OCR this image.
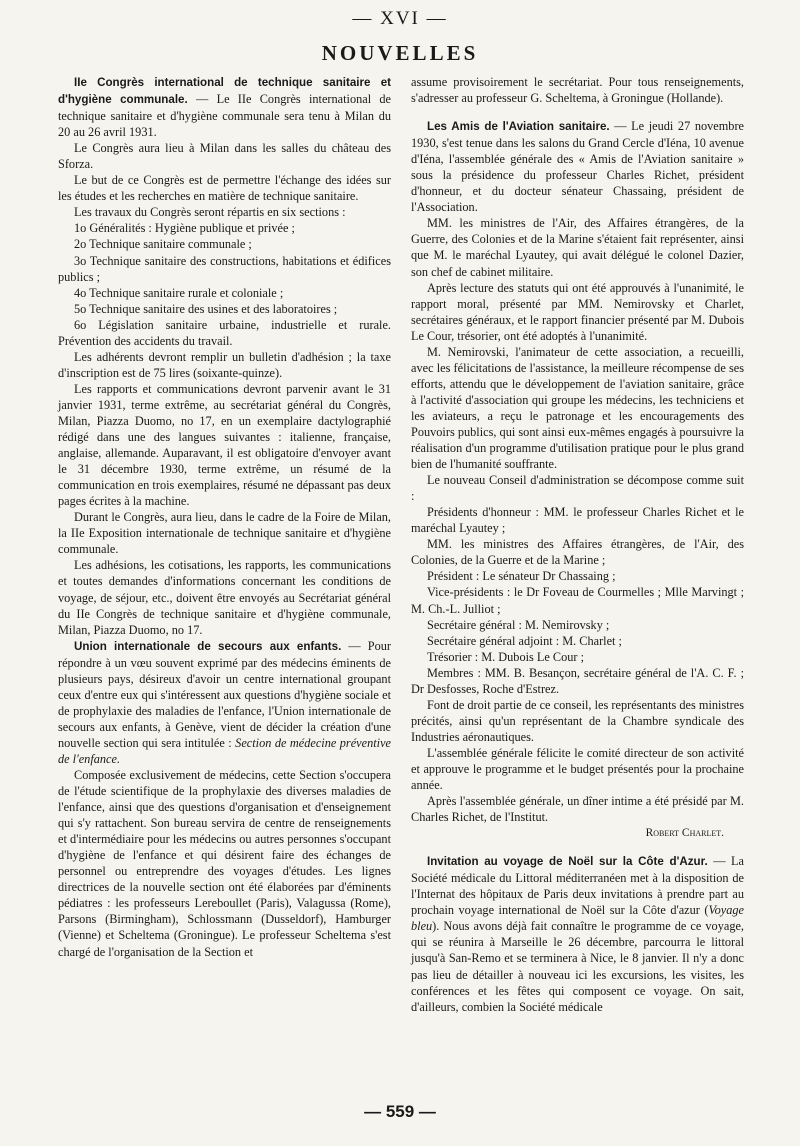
— XVI —
NOUVELLES

IIe Congrès international de technique sanitaire et d'hygiène communale. — Le IIe Congrès international de technique sanitaire et d'hygiène communale sera tenu à Milan du 20 au 26 avril 1931.

Le Congrès aura lieu à Milan dans les salles du château des Sforza.

Le but de ce Congrès est de permettre l'échange des idées sur les études et les recherches en matière de technique sanitaire.

Les travaux du Congrès seront répartis en six sections :

1o Généralités : Hygiène publique et privée ;

2o Technique sanitaire communale ;

3o Technique sanitaire des constructions, habitations et édifices publics ;

4o Technique sanitaire rurale et coloniale ;

5o Technique sanitaire des usines et des laboratoires ;

6o Législation sanitaire urbaine, industrielle et rurale. Prévention des accidents du travail.

Les adhérents devront remplir un bulletin d'adhésion ; la taxe d'inscription est de 75 lires (soixante-quinze).

Les rapports et communications devront parvenir avant le 31 janvier 1931, terme extrême, au secrétariat général du Congrès, Milan, Piazza Duomo, no 17, en un exemplaire dactylographié rédigé dans une des langues suivantes : italienne, française, anglaise, allemande. Auparavant, il est obligatoire d'envoyer avant le 31 décembre 1930, terme extrême, un résumé de la communication en trois exemplaires, résumé ne dépassant pas deux pages écrites à la machine.

Durant le Congrès, aura lieu, dans le cadre de la Foire de Milan, la IIe Exposition internationale de technique sanitaire et d'hygiène communale.

Les adhésions, les cotisations, les rapports, les communications et toutes demandes d'informations concernant les conditions de voyage, de séjour, etc., doivent être envoyés au Secrétariat général du IIe Congrès de technique sanitaire et d'hygiène communale, Milan, Piazza Duomo, no 17.

Union internationale de secours aux enfants. — Pour répondre à un vœu souvent exprimé par des médecins éminents de plusieurs pays, désireux d'avoir un centre international groupant ceux d'entre eux qui s'intéressent aux questions d'hygiène sociale et de prophylaxie des maladies de l'enfance, l'Union internationale de secours aux enfants, à Genève, vient de décider la création d'une nouvelle section qui sera intitulée : Section de médecine préventive de l'enfance.

Composée exclusivement de médecins, cette Section s'occupera de l'étude scientifique de la prophylaxie des diverses maladies de l'enfance, ainsi que des questions d'organisation et d'enseignement qui s'y rattachent. Son bureau servira de centre de renseignements et d'intermédiaire pour les médecins ou autres personnes s'occupant d'hygiène de l'enfance et qui désirent faire des échanges de personnel ou entreprendre des voyages d'études. Les lignes directrices de la nouvelle section ont été élaborées par d'éminents pédiatres : les professeurs Lereboullet (Paris), Valagussa (Rome), Parsons (Birmingham), Schlossmann (Dusseldorf), Hamburger (Vienne) et Scheltema (Groningue). Le professeur Scheltema s'est chargé de l'organisation de la Section et

assume provisoirement le secrétariat. Pour tous renseignements, s'adresser au professeur G. Scheltema, à Groningue (Hollande).

Les Amis de l'Aviation sanitaire. — Le jeudi 27 novembre 1930, s'est tenue dans les salons du Grand Cercle d'Iéna, 10 avenue d'Iéna, l'assemblée générale des « Amis de l'Aviation sanitaire » sous la présidence du professeur Charles Richet, président d'honneur, et du docteur sénateur Chassaing, président de l'Association.

MM. les ministres de l'Air, des Affaires étrangères, de la Guerre, des Colonies et de la Marine s'étaient fait représenter, ainsi que M. le maréchal Lyautey, qui avait délégué le colonel Dazier, son chef de cabinet militaire.

Après lecture des statuts qui ont été approuvés à l'unanimité, le rapport moral, présenté par MM. Nemirovsky et Charlet, secrétaires généraux, et le rapport financier présenté par M. Dubois Le Cour, trésorier, ont été adoptés à l'unanimité.

M. Nemirovski, l'animateur de cette association, a recueilli, avec les félicitations de l'assistance, la meilleure récompense de ses efforts, attendu que le développement de l'aviation sanitaire, grâce à l'activité d'association qui groupe les médecins, les techniciens et les aviateurs, a reçu le patronage et les encouragements des Pouvoirs publics, qui sont ainsi eux-mêmes engagés à poursuivre la réalisation d'un programme d'utilisation pratique pour le plus grand bien de l'humanité souffrante.

Le nouveau Conseil d'administration se décompose comme suit :

Présidents d'honneur : MM. le professeur Charles Richet et le maréchal Lyautey ;

MM. les ministres des Affaires étrangères, de l'Air, des Colonies, de la Guerre et de la Marine ;

Président : Le sénateur Dr Chassaing ;

Vice-présidents : le Dr Foveau de Courmelles ; Mlle Marvingt ; M. Ch.-L. Julliot ;

Secrétaire général : M. Nemirovsky ;

Secrétaire général adjoint : M. Charlet ;

Trésorier : M. Dubois Le Cour ;

Membres : MM. B. Besançon, secrétaire général de l'A. C. F. ; Dr Desfosses, Roche d'Estrez.

Font de droit partie de ce conseil, les représentants des ministres précités, ainsi qu'un représentant de la Chambre syndicale des Industries aéronautiques.

L'assemblée générale félicite le comité directeur de son activité et approuve le programme et le budget présentés pour la prochaine année.

Après l'assemblée générale, un dîner intime a été présidé par M. Charles Richet, de l'Institut.

Robert Charlet.

Invitation au voyage de Noël sur la Côte d'Azur. — La Société médicale du Littoral méditerranéen met à la disposition de l'Internat des hôpitaux de Paris deux invitations à prendre part au prochain voyage international de Noël sur la Côte d'azur (Voyage bleu). Nous avons déjà fait connaître le programme de ce voyage, qui se réunira à Marseille le 26 décembre, parcourra le littoral jusqu'à San-Remo et se terminera à Nice, le 8 janvier. Il n'y a donc pas lieu de détailler à nouveau ici les excursions, les visites, les conférences et les fêtes qui composent ce voyage. On sait, d'ailleurs, combien la Société médicale

— 559 —
